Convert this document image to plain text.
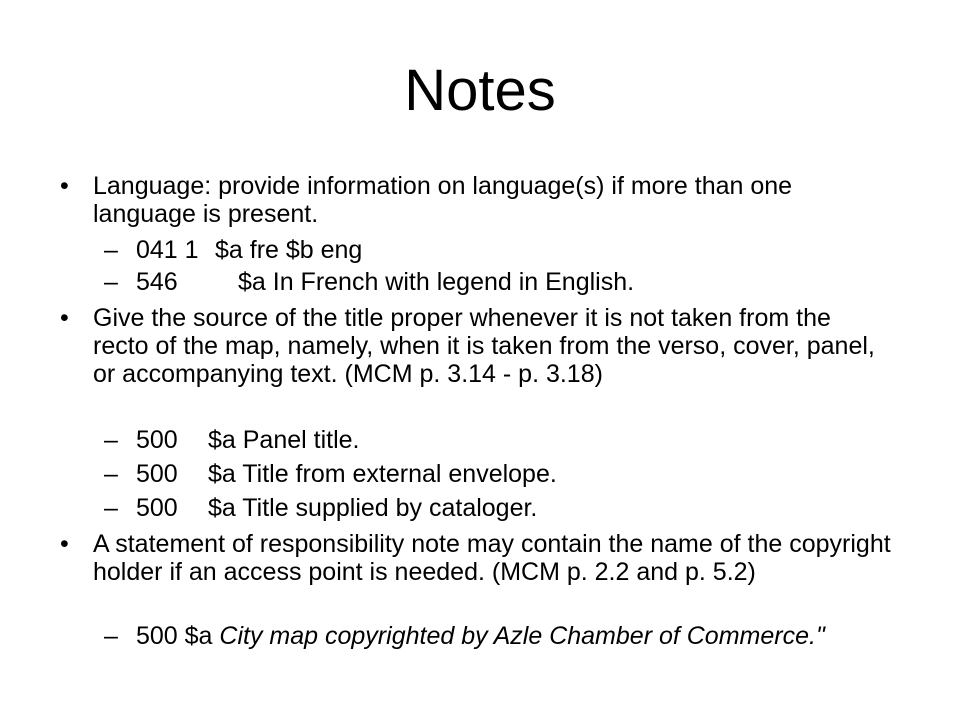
Notes
• Language: provide information on language(s) if more than one language is present.
– 041 1 $a fre $b eng
– 546 $a In French with legend in English.
• Give the source of the title proper whenever it is not taken from the recto of the map, namely, when it is taken from the verso, cover, panel, or accompanying text. (MCM p. 3.14 - p. 3.18)
– 500 $a Panel title.
– 500 $a Title from external envelope.
– 500 $a Title supplied by cataloger.
• A statement of responsibility note may contain the name of the copyright holder if an access point is needed. (MCM p. 2.2 and p. 5.2)
– 500 $a City map copyrighted by Azle Chamber of Commerce."
